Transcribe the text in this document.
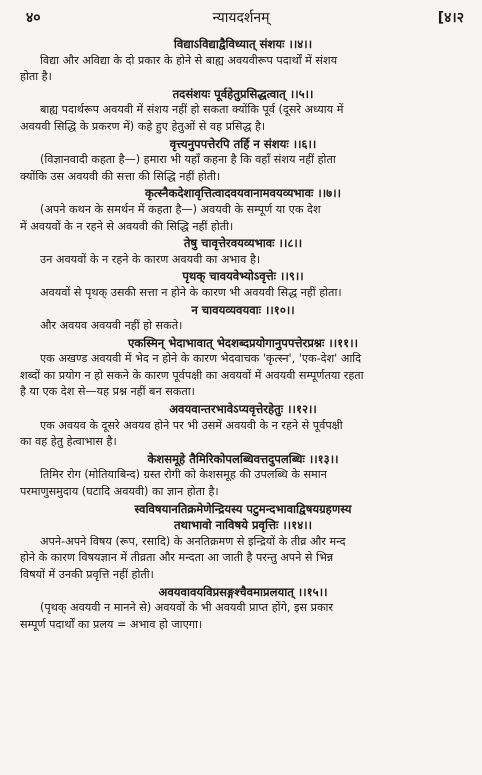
४०	न्यायदर्शनम्	[४।२
विद्याऽविद्याद्वैविध्यात् संशयः ।।४।।
विद्या और अविद्या के दो प्रकार के होने से बाह्य अवयवीरूप पदार्थों में संशय
होता है।
तदसंशयः पूर्वहेतुप्रसिद्धत्वात् ।।५।।
बाह्य पदार्थरूप अवयवी में संशय नहीं हो सकता क्योंकि पूर्व (दूसरे अध्याय में
अवयवी सिद्धि के प्रकरण में) कहे हुए हेतुओं से वह प्रसिद्ध है।
वृत्त्यनुपपत्तेरपि तर्हि न संशयः ।।६।।
(विज्ञानवादी कहता है—) हमारा भी यहाँ कहना है कि वहाँ संशय नहीं होता
क्योंकि उस अवयवी की सत्ता की सिद्धि नहीं होती।
कृत्स्नैकदेशावृत्तित्वादवयवानामवयव्यभावः ।।७।।
(अपने कथन के समर्थन में कहता है—) अवयवी के सम्पूर्ण या एक देश
में अवयवों के न रहने से अवयवी की सिद्धि नहीं होती।
तेषु चावृत्तेरवयव्यभावः ।।८।।
उन अवयवों के न रहने के कारण अवयवी का अभाव है।
पृथक् चावयवेभ्योऽवृत्तेः ।।९।।
अवयवों से पृथक् उसकी सत्ता न होने के कारण भी अवयवी सिद्ध नहीं होता।
न चावयव्यवयवाः ।।१०।।
और अवयव अवयवी नहीं हो सकते।
एकस्मिन् भेदाभावात् भेदशब्दप्रयोगानुपपत्तेरप्रश्नः ।।११।।
एक अखण्ड अवयवी में भेद न होने के कारण भेदवाचक 'कृत्स्न', 'एक-देश' आदि
शब्दों का प्रयोग न हो सकने के कारण पूर्वपक्षी का अवयवों में अवयवी सम्पूर्णतया रहता
है या एक देश से—यह प्रश्न नहीं बन सकता।
अवयवान्तरभावेऽप्यवृत्तेरहेतुः ।।१२।।
एक अवयव के दूसरे अवयव होने पर भी उसमें अवयवी के न रहने से पूर्वपक्षी
का वह हेतु हेत्वाभास है।
केशसमूहे तैमिरिकोपलब्धिवत्तदुपलब्धिः ।।१३।।
तिमिर रोग (मोतियाबिन्द) ग्रस्त रोगी को केशसमूह की उपलब्धि के समान
परमाणुसमुदाय (घटादि अवयवी) का ज्ञान होता है।
स्वविषयानतिक्रमेणेन्द्रियस्य पटुमन्दभावाद्विषयग्रहणस्य
तथाभावो नाविषये प्रवृत्तिः ।।१४।।
अपने-अपने विषय (रूप, रसादि) के अनतिक्रमण से इन्द्रियों के तीव्र और मन्द
होने के कारण विषयज्ञान में तीव्रता और मन्दता आ जाती है परन्तु अपने से भिन्न
विषयों में उनकी प्रवृत्ति नहीं होती।
अवयवावयविप्रसङ्गश्चैवमाप्रलयात् ।।१५।।
(पृथक् अवयवी न मानने से) अवयवों के भी अवयवी प्राप्त होंगे, इस प्रकार
सम्पूर्ण पदार्थों का प्रलय = अभाव हो जाएगा।
